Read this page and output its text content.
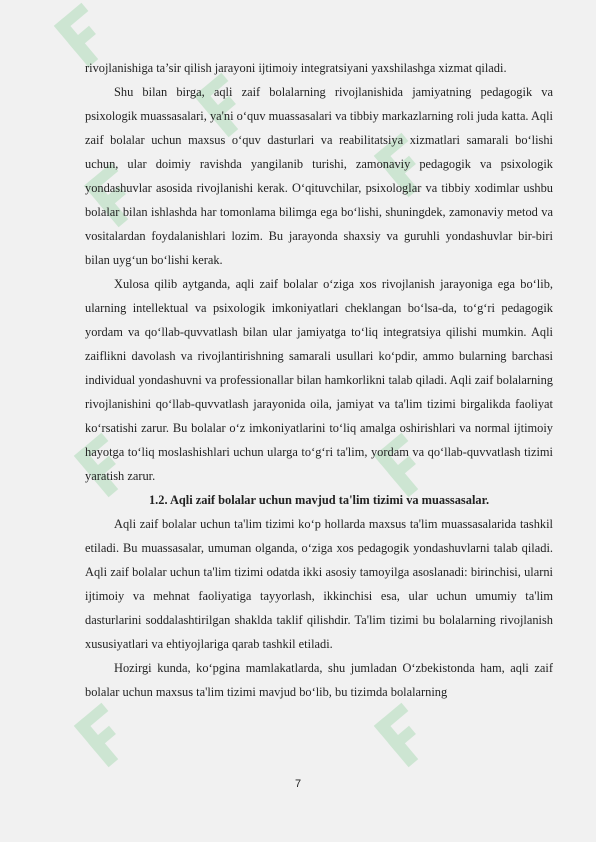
rivojlanishiga ta’sir qilish jarayoni ijtimoiy integratsiyani yaxshilashga xizmat qiladi.

Shu bilan birga, aqli zaif bolalarning rivojlanishida jamiyatning pedagogik va psixologik muassasalari, ya'ni o‘quv muassasalari va tibbiy markazlarning roli juda katta. Aqli zaif bolalar uchun maxsus o‘quv dasturlari va reabilitatsiya xizmatlari samarali bo‘lishi uchun, ular doimiy ravishda yangilanib turishi, zamonaviy pedagogik va psixologik yondashuvlar asosida rivojlanishi kerak. O‘qituvchilar, psixologlar va tibbiy xodimlar ushbu bolalar bilan ishlashda har tomonlama bilimga ega bo‘lishi, shuningdek, zamonaviy metod va vositalardan foydalanishlari lozim. Bu jarayonda shaxsiy va guruhli yondashuvlar bir-biri bilan uyg‘un bo‘lishi kerak.

Xulosa qilib aytganda, aqli zaif bolalar o‘ziga xos rivojlanish jarayoniga ega bo‘lib, ularning intellektual va psixologik imkoniyatlari cheklangan bo‘lsa-da, to‘g‘ri pedagogik yordam va qo‘llab-quvvatlash bilan ular jamiyatga to‘liq integratsiya qilishi mumkin. Aqli zaiflikni davolash va rivojlantirishning samarali usullari ko‘pdir, ammo bularning barchasi individual yondashuvni va professionallar bilan hamkorlikni talab qiladi. Aqli zaif bolalarning rivojlanishini qo‘llab-quvvatlash jarayonida oila, jamiyat va ta'lim tizimi birgalikda faoliyat ko‘rsatishi zarur. Bu bolalar o‘z imkoniyatlarini to‘liq amalga oshirishlari va normal ijtimoiy hayotga to‘liq moslashishlari uchun ularga to‘g‘ri ta'lim, yordam va qo‘llab-quvvatlash tizimi yaratish zarur.

1.2. Aqli zaif bolalar uchun mavjud ta'lim tizimi va muassasalar.

Aqli zaif bolalar uchun ta'lim tizimi ko‘p hollarda maxsus ta'lim muassasalarida tashkil etiladi. Bu muassasalar, umuman olganda, o‘ziga xos pedagogik yondashuvlarni talab qiladi. Aqli zaif bolalar uchun ta'lim tizimi odatda ikki asosiy tamoyilga asoslanadi: birinchisi, ularni ijtimoiy va mehnat faoliyatiga tayyorlash, ikkinchisi esa, ular uchun umumiy ta'lim dasturlarini soddalashtirilgan shaklda taklif qilishdir. Ta'lim tizimi bu bolalarning rivojlanish xususiyatlari va ehtiyojlariga qarab tashkil etiladi.

Hozirgi kunda, ko‘pgina mamlakatlarda, shu jumladan O‘zbekistonda ham, aqli zaif bolalar uchun maxsus ta'lim tizimi mavjud bo‘lib, bu tizimda bolalarning

7
